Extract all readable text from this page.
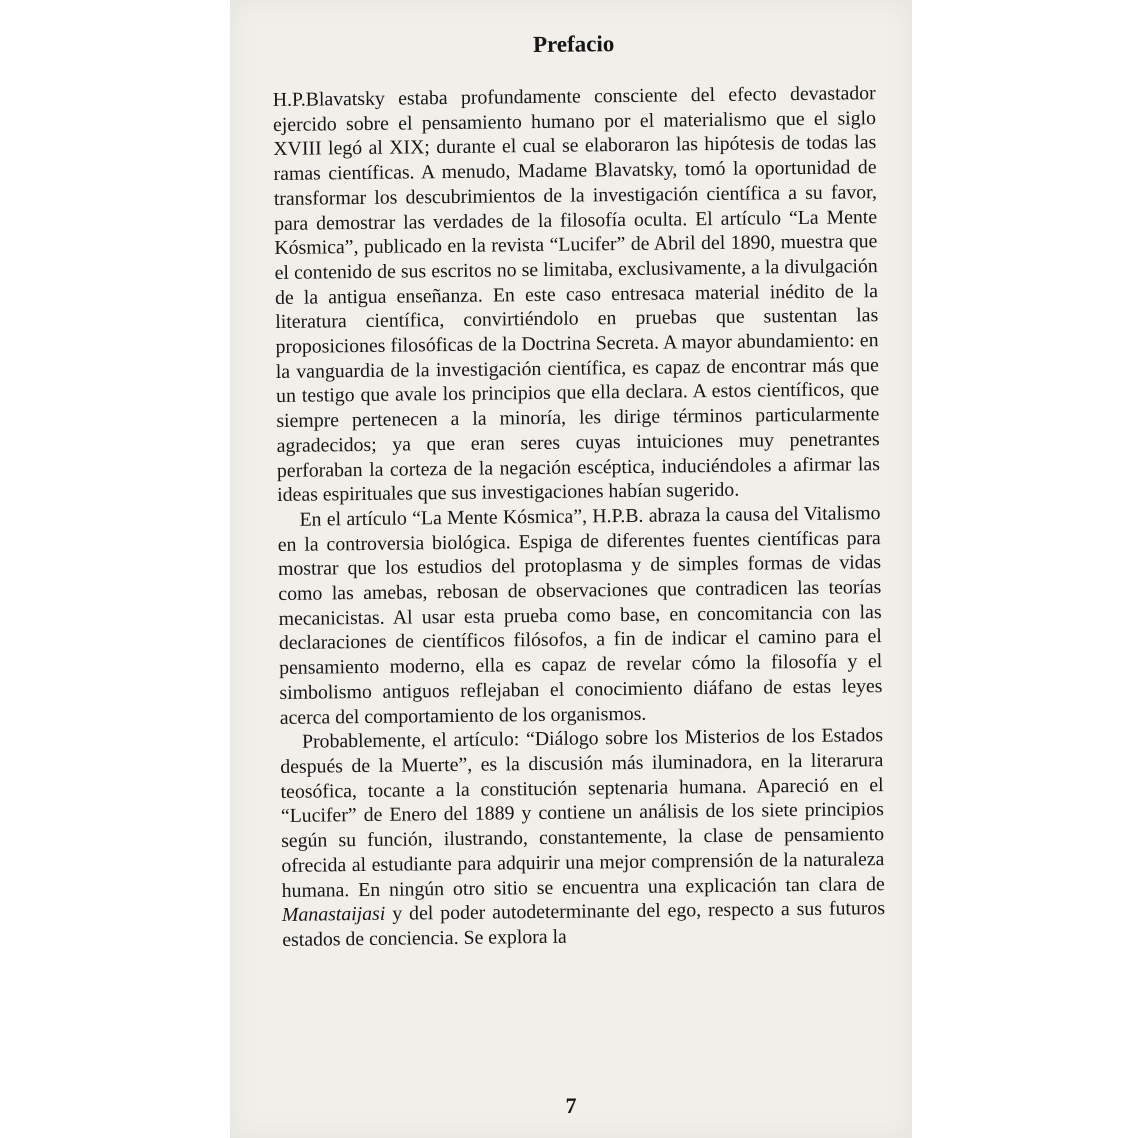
Prefacio

H.P.Blavatsky estaba profundamente consciente del efecto devastador ejercido sobre el pensamiento humano por el materialismo que el siglo XVIII legó al XIX; durante el cual se elaboraron las hipótesis de todas las ramas científicas. A menudo, Madame Blavatsky, tomó la oportunidad de transformar los descubrimientos de la investigación científica a su favor, para demostrar las verdades de la filosofía oculta. El artículo “La Mente Kósmica”, publicado en la revista “Lucifer” de Abril del 1890, muestra que el contenido de sus escritos no se limitaba, exclusivamente, a la divulgación de la antigua enseñanza. En este caso entresaca material inédito de la literatura científica, convirtiéndolo en pruebas que sustentan las proposiciones filosóficas de la Doctrina Secreta. A mayor abundamiento: en la vanguardia de la investigación científica, es capaz de encontrar más que un testigo que avale los principios que ella declara. A estos científicos, que siempre pertenecen a la minoría, les dirige términos particularmente agradecidos; ya que eran seres cuyas intuiciones muy penetrantes perforaban la corteza de la negación escéptica, induciéndoles a afirmar las ideas espirituales que sus investigaciones habían sugerido.

En el artículo “La Mente Kósmica”, H.P.B. abraza la causa del Vitalismo en la controversia biológica. Espiga de diferentes fuentes científicas para mostrar que los estudios del protoplasma y de simples formas de vidas como las amebas, rebosan de observaciones que contradicen las teorías mecanicistas. Al usar esta prueba como base, en concomitancia con las declaraciones de científicos filósofos, a fin de indicar el camino para el pensamiento moderno, ella es capaz de revelar cómo la filosofía y el simbolismo antiguos reflejaban el conocimiento diáfano de estas leyes acerca del comportamiento de los organismos.

Probablemente, el artículo: “Diálogo sobre los Misterios de los Estados después de la Muerte”, es la discusión más iluminadora, en la literarura teosófica, tocante a la constitución septenaria humana. Apareció en el “Lucifer” de Enero del 1889 y contiene un análisis de los siete principios según su función, ilustrando, constantemente, la clase de pensamiento ofrecida al estudiante para adquirir una mejor comprensión de la naturaleza humana. En ningún otro sitio se encuentra una explicación tan clara de Manastaijasi y del poder autodeterminante del ego, respecto a sus futuros estados de conciencia. Se explora la

7
